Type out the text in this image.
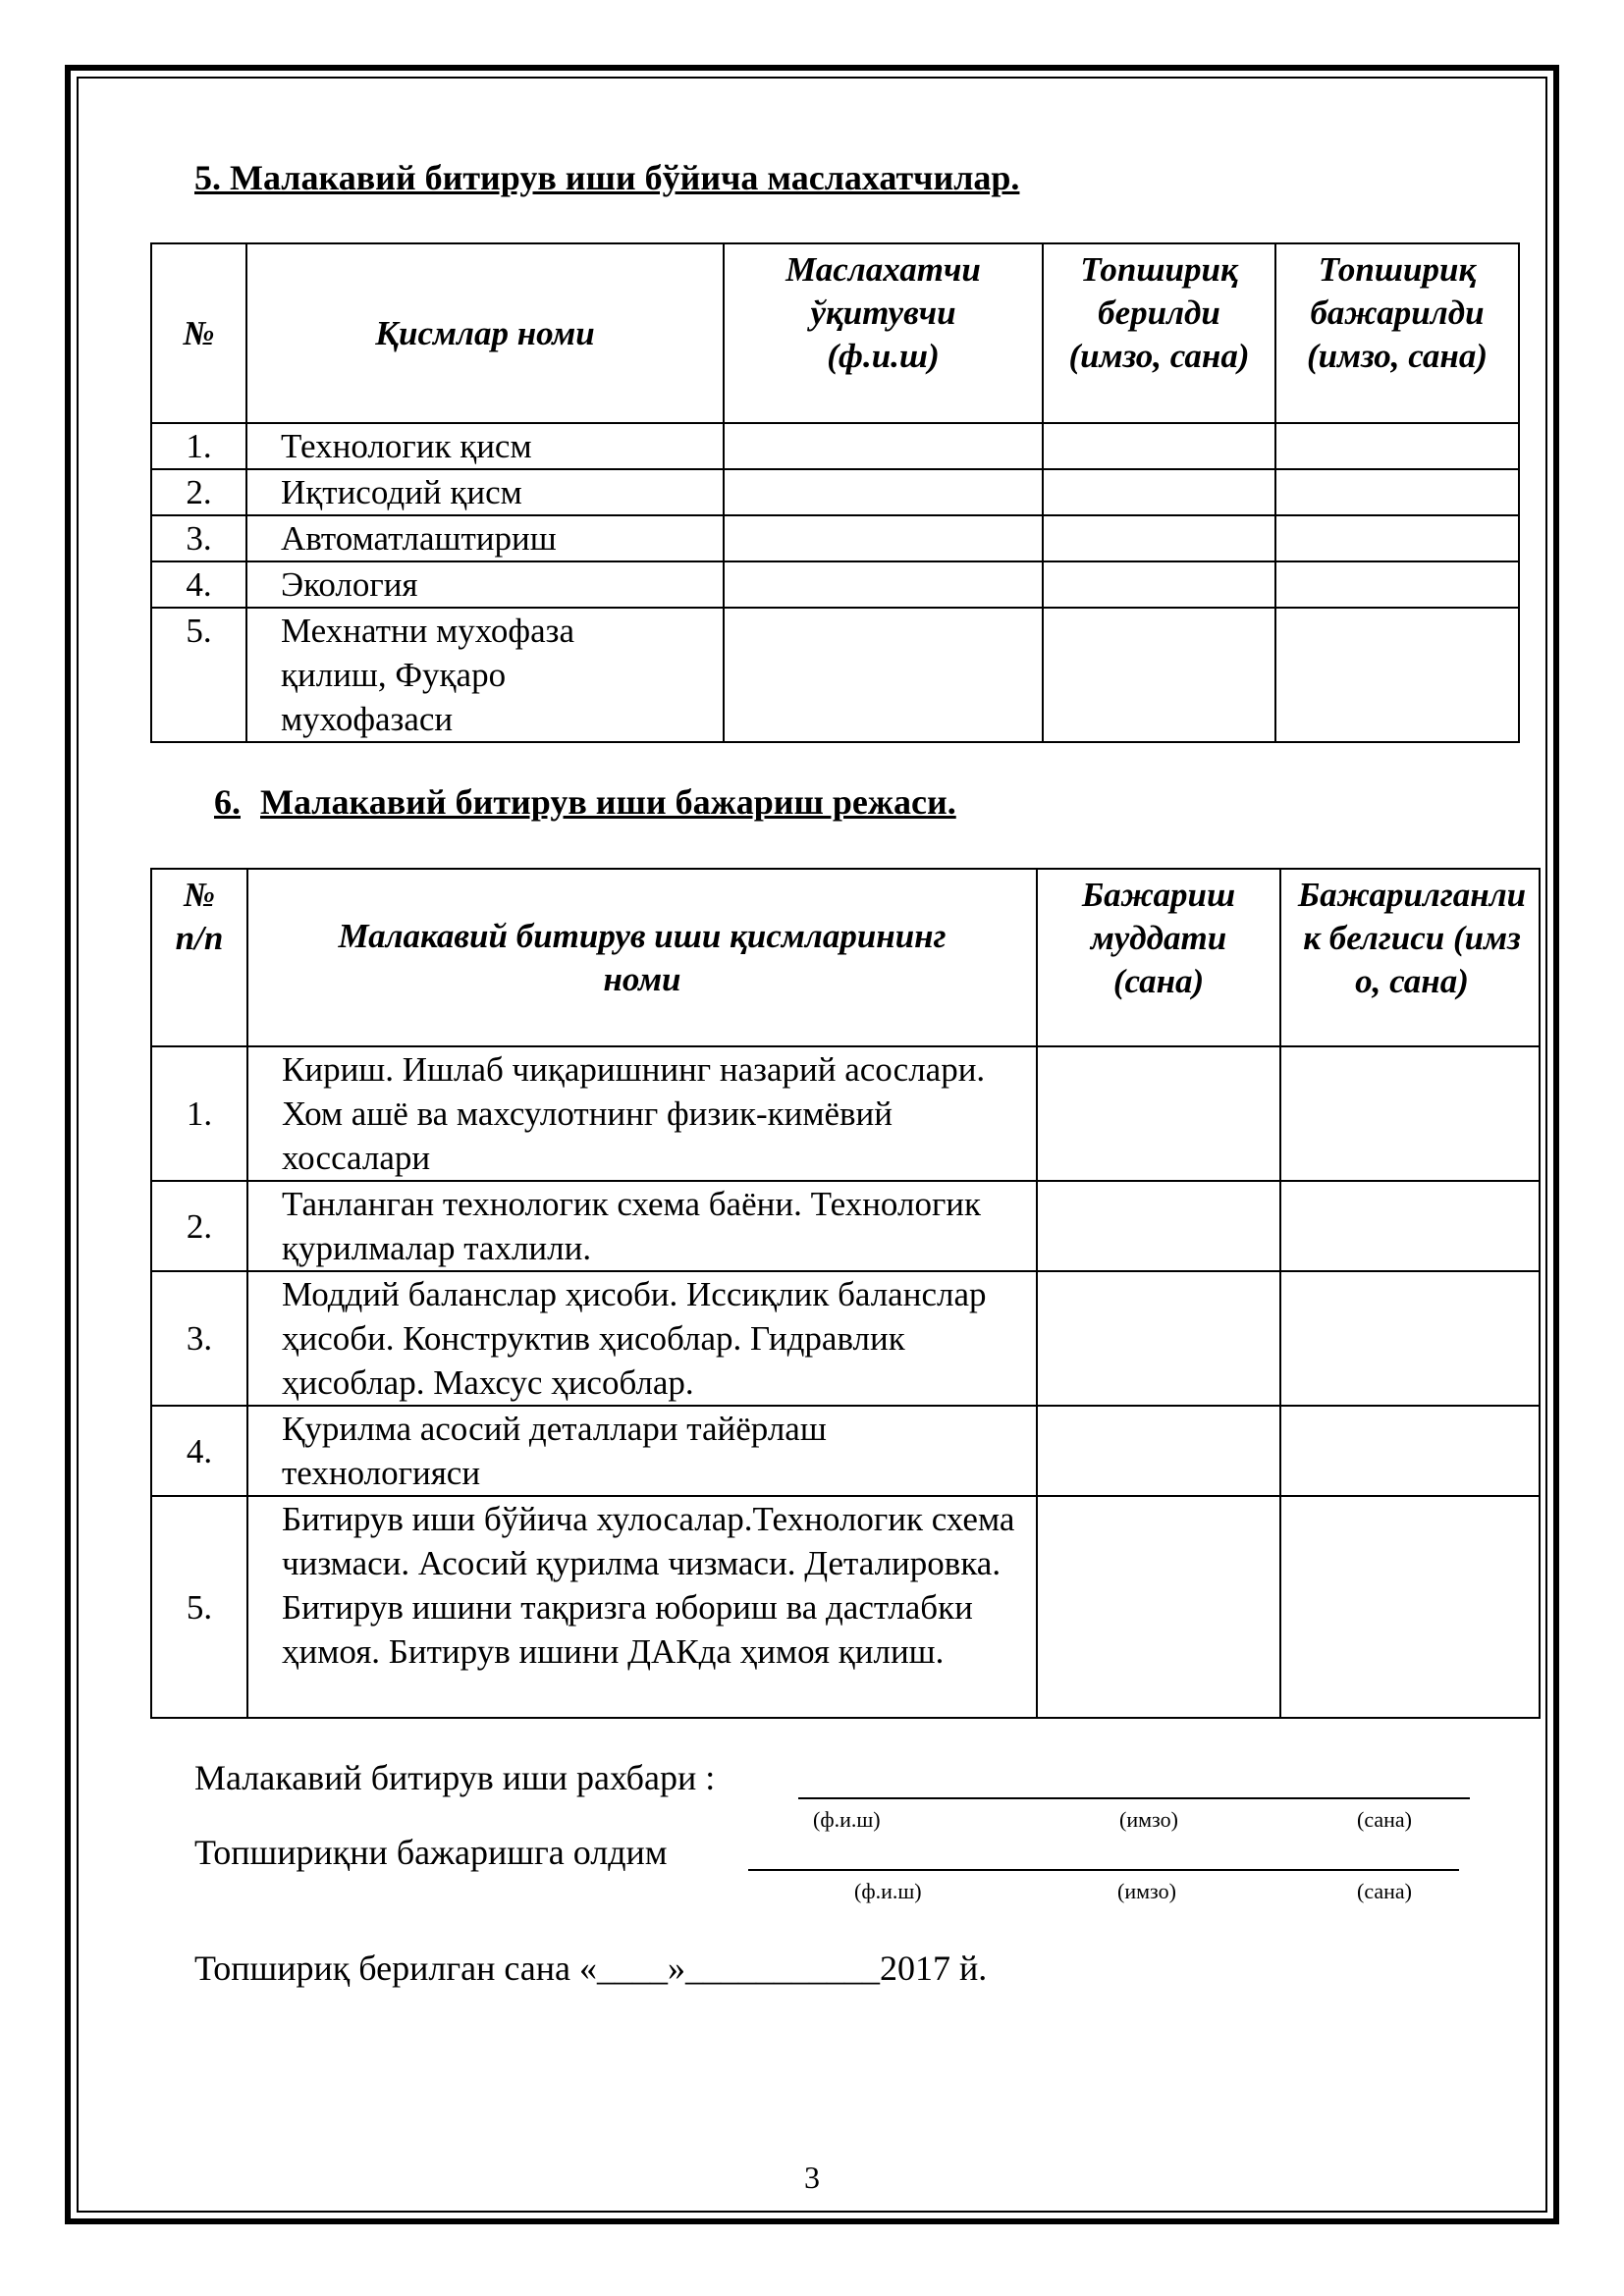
5. Малакавий битирув иши бўйича маслахатчилар.
№	Қисмлар номи	Маслахатчи ўқитувчи (ф.и.ш)	Топшириқ берилди (имзо, сана)	Топшириқ бажарилди (имзо, сана)
1.	Технологик қисм			
2.	Иқтисодий қисм			
3.	Автоматлаштириш			
4.	Экология			
5.	Мехнатни мухофаза қилиш, Фуқаро мухофазаси			
6. Малакавий битирув иши бажариш режаси.
№ п/п	Малакавий битирув иши қисмларининг номи	Бажариш муддати (сана)	Бажарилганлик белгиси (имзо, сана)
1.	Кириш. Ишлаб чиқаришнинг назарий асослари. Хом ашё ва махсулотнинг физик-кимёвий хоссалари		
2.	Танланган технологик схема баёни. Технологик қурилмалар тахлили.		
3.	Моддий баланслар ҳисоби. Иссиқлик баланслар ҳисоби. Конструктив ҳисоблар. Гидравлик ҳисоблар. Махсус ҳисоблар.		
4.	Қурилма асосий деталлари тайёрлаш технологияси		
5.	Битирув иши бўйича хулосалар.Технологик схема чизмаси. Асосий қурилма чизмаси. Деталировка. Битирув ишини тақризга юбориш ва дастлабки ҳимоя. Битирув ишини ДАКда ҳимоя қилиш.		
Малакавий битирув иши рахбари :
(ф.и.ш)	(имзо)	(сана)
Топшириқни бажаришга олдим
(ф.и.ш)	(имзо)	(сана)
Топшириқ берилган сана «____»___________2017 й.
3
